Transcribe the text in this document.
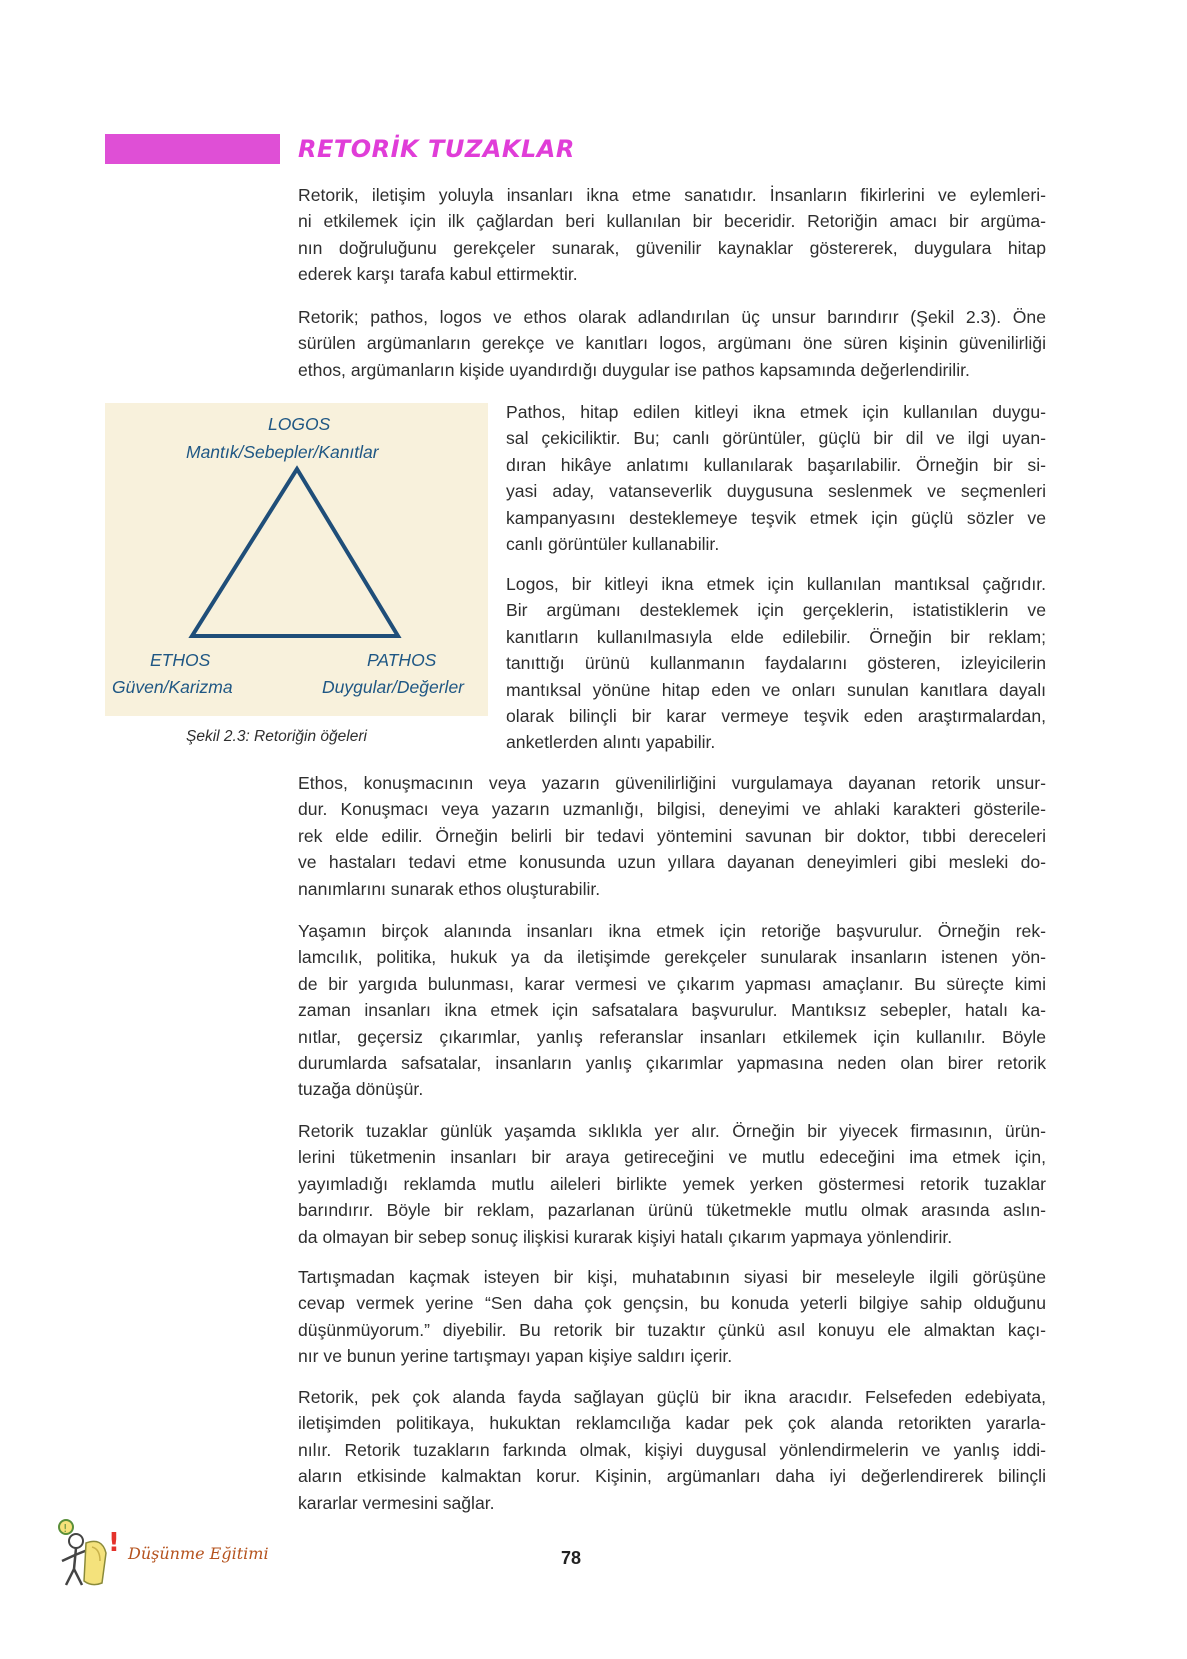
RETORİK TUZAKLAR
Retorik, iletişim yoluyla insanları ikna etme sanatıdır. İnsanların fikirlerini ve eylemleri-
ni etkilemek için ilk çağlardan beri kullanılan bir beceridir. Retoriğin amacı bir argüma-
nın doğruluğunu gerekçeler sunarak, güvenilir kaynaklar göstererek, duygulara hitap
ederek karşı tarafa kabul ettirmektir.
Retorik; pathos, logos ve ethos olarak adlandırılan üç unsur barındırır (Şekil 2.3). Öne
sürülen argümanların gerekçe ve kanıtları logos, argümanı öne süren kişinin güvenilirliği
ethos, argümanların kişide uyandırdığı duygular ise pathos kapsamında değerlendirilir.
LOGOS
Mantık/Sebepler/Kanıtlar
ETHOS
Güven/Karizma
PATHOS
Duygular/Değerler

Şekil 2.3: Retoriğin öğeleri

Pathos, hitap edilen kitleyi ikna etmek için kullanılan duygu-
sal çekiciliktir. Bu; canlı görüntüler, güçlü bir dil ve ilgi uyan-
dıran hikâye anlatımı kullanılarak başarılabilir. Örneğin bir si-
yasi aday, vatanseverlik duygusuna seslenmek ve seçmenleri
kampanyasını desteklemeye teşvik etmek için güçlü sözler ve
canlı görüntüler kullanabilir.
Logos, bir kitleyi ikna etmek için kullanılan mantıksal çağrıdır.
Bir argümanı desteklemek için gerçeklerin, istatistiklerin ve
kanıtların kullanılmasıyla elde edilebilir. Örneğin bir reklam;
tanıttığı ürünü kullanmanın faydalarını gösteren, izleyicilerin
mantıksal yönüne hitap eden ve onları sunulan kanıtlara dayalı
olarak bilinçli bir karar vermeye teşvik eden araştırmalardan,
anketlerden alıntı yapabilir.
Ethos, konuşmacının veya yazarın güvenilirliğini vurgulamaya dayanan retorik unsur-
dur. Konuşmacı veya yazarın uzmanlığı, bilgisi, deneyimi ve ahlaki karakteri gösterile-
rek elde edilir. Örneğin belirli bir tedavi yöntemini savunan bir doktor, tıbbi dereceleri
ve hastaları tedavi etme konusunda uzun yıllara dayanan deneyimleri gibi mesleki do-
nanımlarını sunarak ethos oluşturabilir.
Yaşamın birçok alanında insanları ikna etmek için retoriğe başvurulur. Örneğin rek-
lamcılık, politika, hukuk ya da iletişimde gerekçeler sunularak insanların istenen yön-
de bir yargıda bulunması, karar vermesi ve çıkarım yapması amaçlanır. Bu süreçte kimi
zaman insanları ikna etmek için safsatalara başvurulur. Mantıksız sebepler, hatalı ka-
nıtlar, geçersiz çıkarımlar, yanlış referanslar insanları etkilemek için kullanılır. Böyle
durumlarda safsatalar, insanların yanlış çıkarımlar yapmasına neden olan birer retorik
tuzağa dönüşür.
Retorik tuzaklar günlük yaşamda sıklıkla yer alır. Örneğin bir yiyecek firmasının, ürün-
lerini tüketmenin insanları bir araya getireceğini ve mutlu edeceğini ima etmek için,
yayımladığı reklamda mutlu aileleri birlikte yemek yerken göstermesi retorik tuzaklar
barındırır. Böyle bir reklam, pazarlanan ürünü tüketmekle mutlu olmak arasında aslın-
da olmayan bir sebep sonuç ilişkisi kurarak kişiyi hatalı çıkarım yapmaya yönlendirir.
Tartışmadan kaçmak isteyen bir kişi, muhatabının siyasi bir meseleyle ilgili görüşüne
cevap vermek yerine “Sen daha çok gençsin, bu konuda yeterli bilgiye sahip olduğunu
düşünmüyorum.” diyebilir. Bu retorik bir tuzaktır çünkü asıl konuyu ele almaktan kaçı-
nır ve bunun yerine tartışmayı yapan kişiye saldırı içerir.
Retorik, pek çok alanda fayda sağlayan güçlü bir ikna aracıdır. Felsefeden edebiyata,
iletişimden politikaya, hukuktan reklamcılığa kadar pek çok alanda retorikten yararla-
nılır. Retorik tuzakların farkında olmak, kişiyi duygusal yönlendirmelerin ve yanlış iddi-
aların etkisinde kalmaktan korur. Kişinin, argümanları daha iyi değerlendirerek bilinçli
kararlar vermesini sağlar.
! ! Düşünme Eğitimi	78
